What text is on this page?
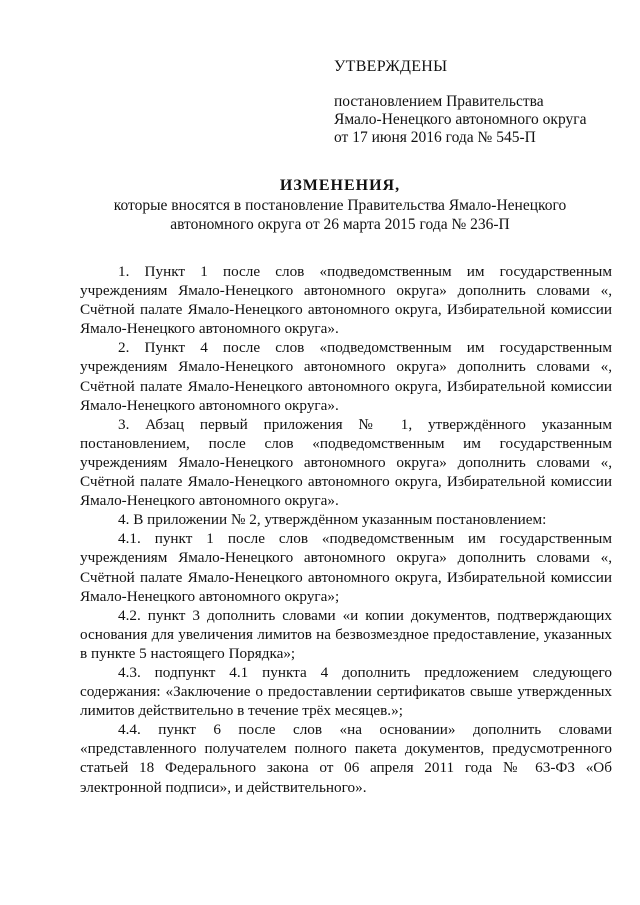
УТВЕРЖДЕНЫ
постановлением Правительства
Ямало-Ненецкого автономного округа
от 17 июня 2016 года № 545-П
ИЗМЕНЕНИЯ,
которые вносятся в постановление Правительства Ямало-Ненецкого
автономного округа от 26 марта 2015 года № 236-П

1. Пункт 1 после слов «подведомственным им государственным учреждениям Ямало-Ненецкого автономного округа» дополнить словами «, Счётной палате Ямало-Ненецкого автономного округа, Избирательной комиссии Ямало-Ненецкого автономного округа».

2. Пункт 4 после слов «подведомственным им государственным учреждениям Ямало-Ненецкого автономного округа» дополнить словами «, Счётной палате Ямало-Ненецкого автономного округа, Избирательной комиссии Ямало-Ненецкого автономного округа».

3. Абзац первый приложения № 1, утверждённого указанным постановлением, после слов «подведомственным им государственным учреждениям Ямало-Ненецкого автономного округа» дополнить словами «, Счётной палате Ямало-Ненецкого автономного округа, Избирательной комиссии Ямало-Ненецкого автономного округа».

4. В приложении № 2, утверждённом указанным постановлением:

4.1. пункт 1 после слов «подведомственным им государственным учреждениям Ямало-Ненецкого автономного округа» дополнить словами «, Счётной палате Ямало-Ненецкого автономного округа, Избирательной комиссии Ямало-Ненецкого автономного округа»;

4.2. пункт 3 дополнить словами «и копии документов, подтверждающих основания для увеличения лимитов на безвозмездное предоставление, указанных в пункте 5 настоящего Порядка»;

4.3. подпункт 4.1 пункта 4 дополнить предложением следующего содержания: «Заключение о предоставлении сертификатов свыше утвержденных лимитов действительно в течение трёх месяцев.»;

4.4. пункт 6 после слов «на основании» дополнить словами «представленного получателем полного пакета документов, предусмотренного статьей 18 Федерального закона от 06 апреля 2011 года № 63-ФЗ «Об электронной подписи», и действительного».
